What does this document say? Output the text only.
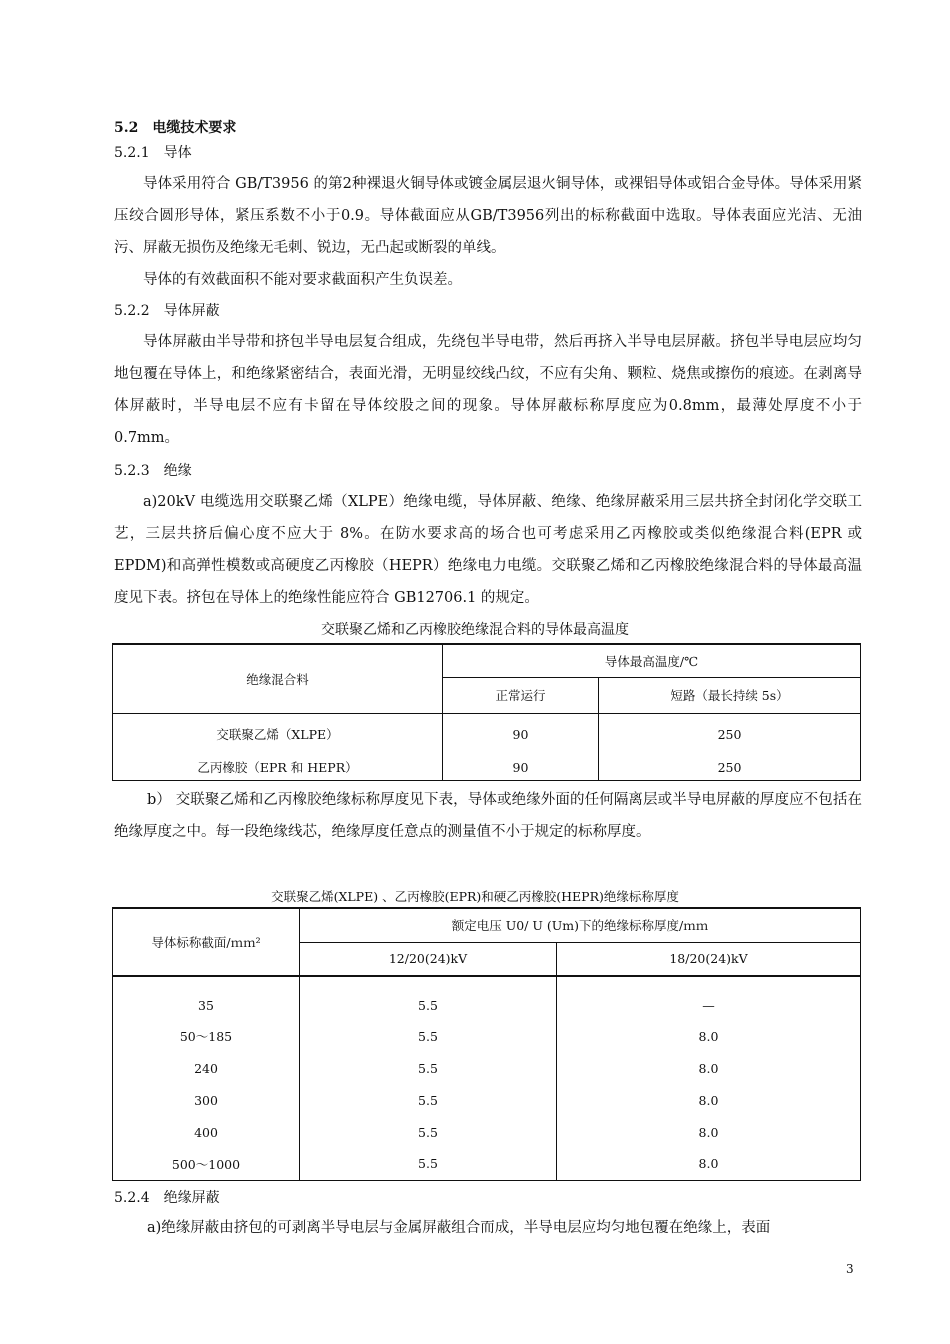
5.2　电缆技术要求
5.2.1　导体
导体采用符合 GB/T3956 的第2种裸退火铜导体或镀金属层退火铜导体，或裸铝导体或铝合金导体。导体采用紧压绞合圆形导体，紧压系数不小于0.9。导体截面应从GB/T3956列出的标称截面中选取。导体表面应光洁、无油污、屏蔽无损伤及绝缘无毛刺、锐边，无凸起或断裂的单线。
导体的有效截面积不能对要求截面积产生负误差。
5.2.2　导体屏蔽
导体屏蔽由半导带和挤包半导电层复合组成，先绕包半导电带，然后再挤入半导电层屏蔽。挤包半导电层应均匀地包覆在导体上，和绝缘紧密结合，表面光滑，无明显绞线凸纹，不应有尖角、颗粒、烧焦或擦伤的痕迹。在剥离导体屏蔽时，半导电层不应有卡留在导体绞股之间的现象。导体屏蔽标称厚度应为0.8mm，最薄处厚度不小于0.7mm。
5.2.3　绝缘
a)20kV 电缆选用交联聚乙烯（XLPE）绝缘电缆，导体屏蔽、绝缘、绝缘屏蔽采用三层共挤全封闭化学交联工艺，三层共挤后偏心度不应大于 8%。在防水要求高的场合也可考虑采用乙丙橡胶或类似绝缘混合料(EPR 或 EPDM)和高弹性模数或高硬度乙丙橡胶（HEPR）绝缘电力电缆。交联聚乙烯和乙丙橡胶绝缘混合料的导体最高温度见下表。挤包在导体上的绝缘性能应符合 GB12706.1 的规定。
交联聚乙烯和乙丙橡胶绝缘混合料的导体最高温度
绝缘混合料	导体最高温度/℃	
	正常运行	短路（最长持续 5s）
交联聚乙烯（XLPE）	90	250
乙丙橡胶（EPR 和 HEPR）	90	250
b） 交联聚乙烯和乙丙橡胶绝缘标称厚度见下表，导体或绝缘外面的任何隔离层或半导电屏蔽的厚度应不包括在绝缘厚度之中。每一段绝缘线芯，绝缘厚度任意点的测量值不小于规定的标称厚度。
交联聚乙烯(XLPE) 、乙丙橡胶(EPR)和硬乙丙橡胶(HEPR)绝缘标称厚度
导体标称截面/ｍｍ²	额定电压 U0/ U (Um)下的绝缘标称厚度/ｍｍ	
	12/20(24)kV	18/20(24)kV
35	5.5	—
50～185	5.5	8.0
240	5.5	8.0
300	5.5	8.0
400	5.5	8.0
500～1000	5.5	8.0
5.2.4　绝缘屏蔽
a)绝缘屏蔽由挤包的可剥离半导电层与金属屏蔽组合而成，半导电层应均匀地包覆在绝缘上，表面
3
